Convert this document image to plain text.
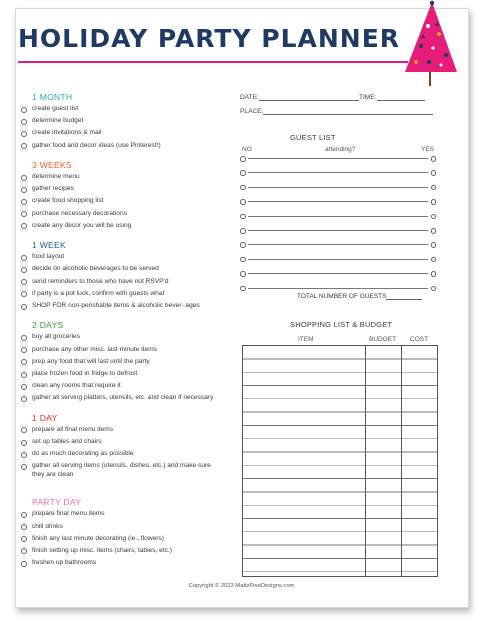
HOLIDAY PARTY PLANNER
1 MONTH
create guest list
determine budget
create invitations & mail
gather food and decor ideas (use Pinterest!)
3 WEEKS
determine menu
gather recipes
create food shopping list
purchase necessary decorations
create any decor you will be using
1 WEEK
food layout
decide on alcoholic beverages to be served
send reminders to those who have not RSVP'd
if party is a pot luck, confirm with guests what
SHOP FOR non-perishable items & alcoholic bever- ages
2 DAYS
buy all groceries
purchase any other misc. last minute items
prep any food that will last until the party
place frozen food in fridge to defrost
clean any rooms that require it
gather all serving platters, utensils, etc. and clean if necessary
1 DAY
prepare all final menu items
set up tables and chairs
do as much decorating as possible
gather all serving items (utensils, dishes, etc.) and make sure they are clean
PARTY DAY
prepare final menu items
chill drinks
finish any last minute decorating (ie., flowers)
finish setting up misc. items (chairs, tables, etc.)
freshen up bathrooms
DATE:	TIME:
PLACE:
GUEST LIST
NO	attending?	YES
TOTAL NUMBER OF GUESTS
SHOPPING LIST & BUDGET
ITEM	BUDGET COST
Copyright © 2023 MattzFineDesigns.com
